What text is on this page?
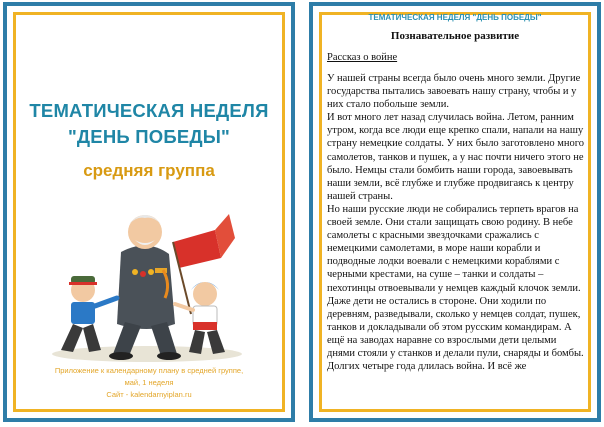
ТЕМАТИЧЕСКАЯ НЕДЕЛЯ
"ДЕНЬ ПОБЕДЫ"
средняя группа
Приложение к календарному плану в средней группе,
май, 1 неделя
Сайт - kalendarnyiplan.ru
ТЕМАТИЧЕСКАЯ НЕДЕЛЯ "ДЕНЬ ПОБЕДЫ"
Познавательное развитие
Рассказ о войне

У нашей страны всегда было очень много земли. Другие государства пытались завоевать нашу страну, чтобы и у них стало побольше земли.

И вот много лет назад случилась война. Летом, ранним утром, когда все люди еще крепко спали, напали на нашу страну немецкие солдаты. У них было заготовлено много самолетов, танков и пушек, а у нас почти ничего этого не было. Немцы стали бомбить наши города, завоевывать наши земли, всё глубже и глубже продвигаясь к центру нашей страны.

Но наши русские люди не собирались терпеть врагов на своей земле. Они стали защищать свою родину. В небе самолеты с красными звездочками сражались с немецкими самолетами, в море наши корабли и подводные лодки воевали с немецкими кораблями с черными крестами, на суше – танки и солдаты – пехотинцы отвоевывали у немцев каждый клочок земли.

Даже дети не остались в стороне. Они ходили по деревням, разведывали, сколько у немцев солдат, пушек, танков и докладывали об этом русским командирам. А ещё на заводах наравне со взрослыми дети целыми днями стояли у станков и делали пули, снаряды и бомбы.

Долгих четыре года длилась война. И всё же
